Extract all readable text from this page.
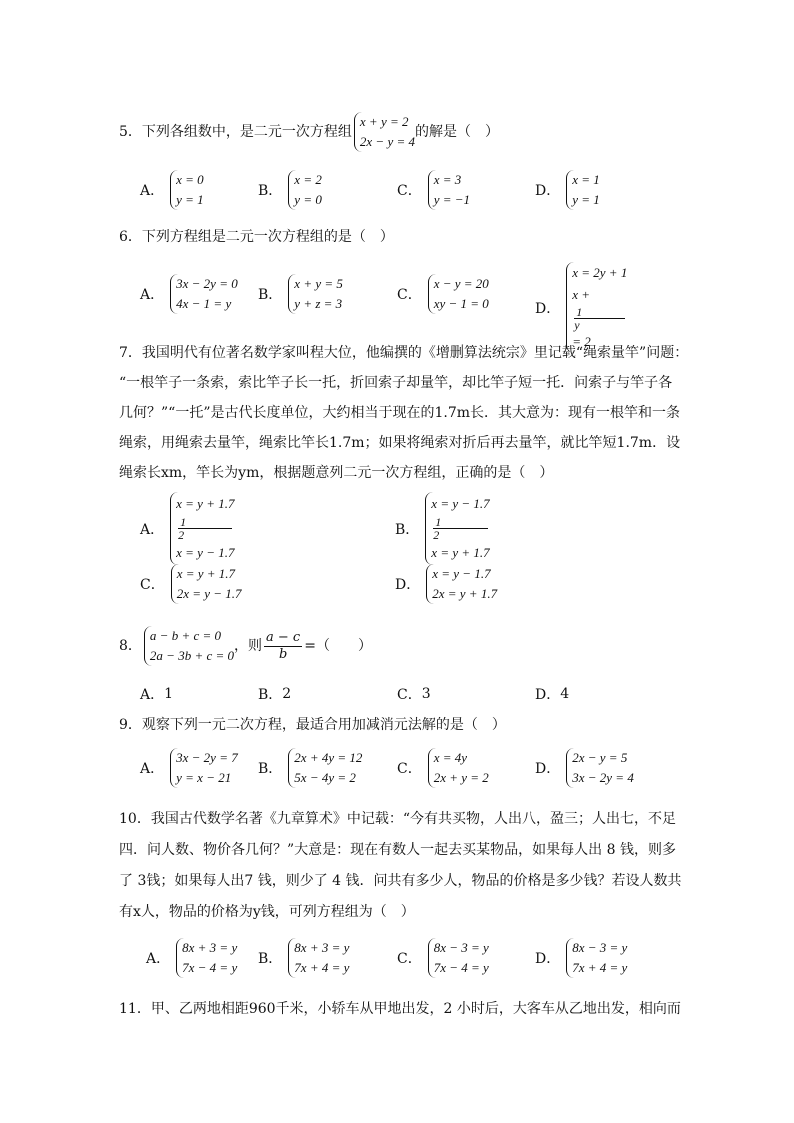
5．下列各组数中，是二元一次方程组
x + y = 2
2x − y = 4
的解是（　）
A．
x = 0
y = 1
B．
x = 2
y = 0
C．
x = 3
y = −1
D．
x = 1
y = 1
6．下列方程组是二元一次方程组的是（　）
A．
3x − 2y = 0
4x − 1 = y
B．
x + y = 5
y + z = 3
C．
x − y = 20
xy − 1 = 0	D．
x = 2y + 1
x +
1
y
= 2
7．我国明代有位著名数学家叫程大位，他编撰的《增删算法统宗》里记载“绳索量竿”问题：
“一根竿子一条索，索比竿子长一托，折回索子却量竿，却比竿子短一托．问索子与竿子各
几何？”“一托”是古代长度单位，大约相当于现在的1.7m长．其大意为：现有一根竿和一条
绳索，用绳索去量竿，绳索比竿长1.7m；如果将绳索对折后再去量竿，就比竿短1.7m．设
绳索长xm，竿长为ym，根据题意列二元一次方程组，正确的是（　）
A．
x = y + 1.7
1
2
x = y − 1.7
B．
x = y − 1.7
1
2
x = y + 1.7
C．
x = y + 1.7
2x = y − 1.7
D．
x = y − 1.7
2x = y + 1.7
8．
a − b + c = 0
2a − 3b + c = 0
，则 $\frac{a - c}{b}$ =（　　）
A． 1	B． 2	C． 3	D． 4
9．观察下列一元二次方程，最适合用加减消元法解的是（　）
A．
3x − 2y = 7
y = x − 21
B．
2x + 4y = 12
5x − 4y = 2
C．
x = 4y
2x + y = 2
D．
2x − y = 5
3x − 2y = 4
10．我国古代数学名著《九章算术》中记载：“今有共买物，人出八，盈三；人出七，不足
四．问人数、物价各几何？”大意是：现在有数人一起去买某物品，如果每人出 8 钱，则多
了 3钱；如果每人出7 钱，则少了 4 钱．问共有多少人，物品的价格是多少钱？若设人数共
有x人，物品的价格为y钱，可列方程组为（　）
A．
8x + 3 = y
7x − 4 = y
B．
8x + 3 = y
7x + 4 = y
C．
8x − 3 = y
7x − 4 = y
D．
8x − 3 = y
7x + 4 = y
11．甲、乙两地相距960千米，小轿车从甲地出发，2 小时后，大客车从乙地出发，相向而
